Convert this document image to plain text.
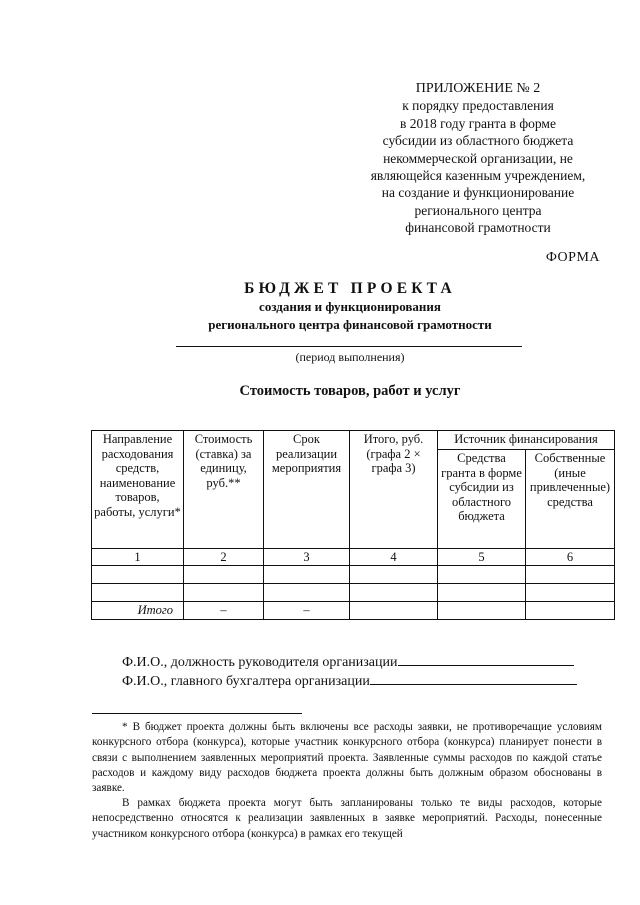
ПРИЛОЖЕНИЕ № 2
к порядку предоставления
в 2018 году гранта в форме
субсидии из областного бюджета
некоммерческой организации, не
являющейся казенным учреждением,
на создание и функционирование
регионального центра
финансовой грамотности
ФОРМА
БЮДЖЕТ ПРОЕКТА
создания и функционирования
регионального центра финансовой грамотности
(период выполнения)
Стоимость товаров, работ и услуг
Направление расходования средств, наименование товаров, работы, услуги*	Стоимость (ставка) за единицу, руб.**	Срок реализации мероприятия	Итого, руб. (графа 2 × графа 3)	Источник финансирования	
				Средства гранта в форме субсидии из областного бюджета	Собственные (иные привлеченные) средства
1	2	3	4	5	6

Итого	–	–			
Ф.И.О., должность руководителя организации
Ф.И.О., главного бухгалтера организации

* В бюджет проекта должны быть включены все расходы заявки, не противоречащие условиям конкурсного отбора (конкурса), которые участник конкурсного отбора (конкурса) планирует понести в связи с выполнением заявленных мероприятий проекта. Заявленные суммы расходов по каждой статье расходов и каждому виду расходов бюджета проекта должны быть должным образом обоснованы в заявке.

В рамках бюджета проекта могут быть запланированы только те виды расходов, которые непосредственно относятся к реализации заявленных в заявке мероприятий. Расходы, понесенные участником конкурсного отбора (конкурса) в рамках его текущей
